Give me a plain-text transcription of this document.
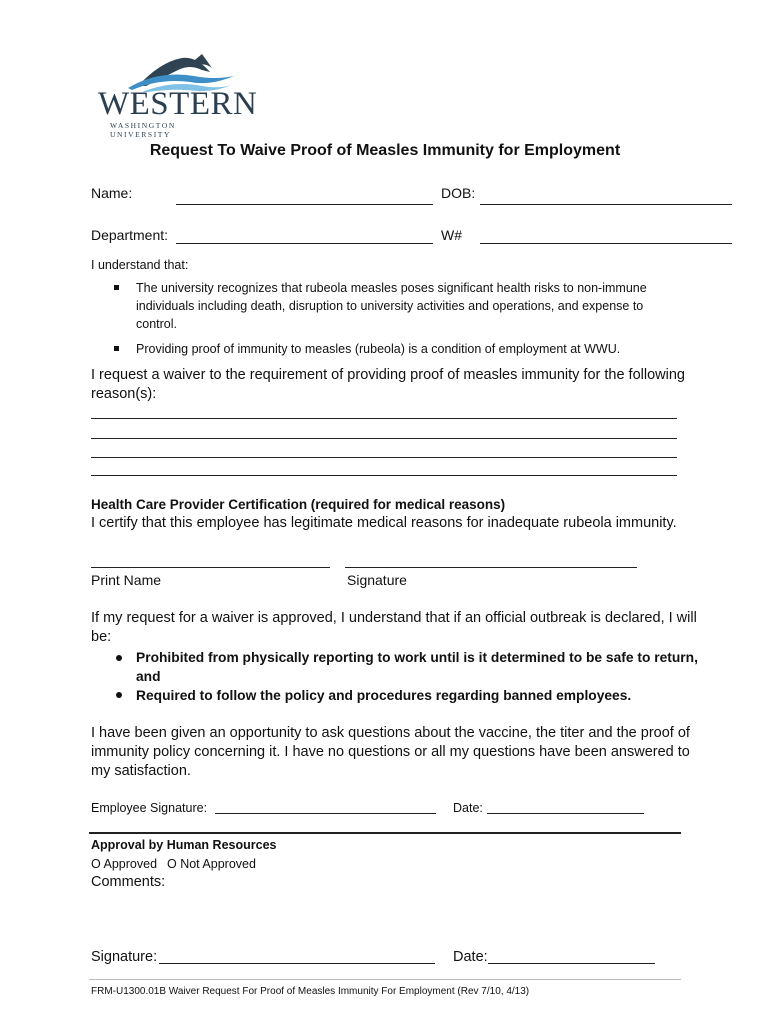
WESTERN
WASHINGTON UNIVERSITY
Request To Waive Proof of Measles Immunity for Employment
Name:	DOB:
Department:	W#
I understand that:
The university recognizes that rubeola measles poses significant health risks to non-immune
individuals including death, disruption to university activities and operations, and expense to
control.
Providing proof of immunity to measles (rubeola) is a condition of employment at WWU.
I request a waiver to the requirement of providing proof of measles immunity for the following
reason(s):
Health Care Provider Certification (required for medical reasons)
I certify that this employee has legitimate medical reasons for inadequate rubeola immunity.
Print Name	Signature
If my request for a waiver is approved, I understand that if an official outbreak is declared, I will
be:
Prohibited from physically reporting to work until is it determined to be safe to return,
and
Required to follow the policy and procedures regarding banned employees.
I have been given an opportunity to ask questions about the vaccine, the titer and the proof of
immunity policy concerning it. I have no questions or all my questions have been answered to
my satisfaction.
Employee Signature:	Date:
Approval by Human Resources
O Approved O Not Approved
Comments:
Signature:	Date:
FRM-U1300.01B Waiver Request For Proof of Measles Immunity For Employment (Rev 7/10, 4/13)
